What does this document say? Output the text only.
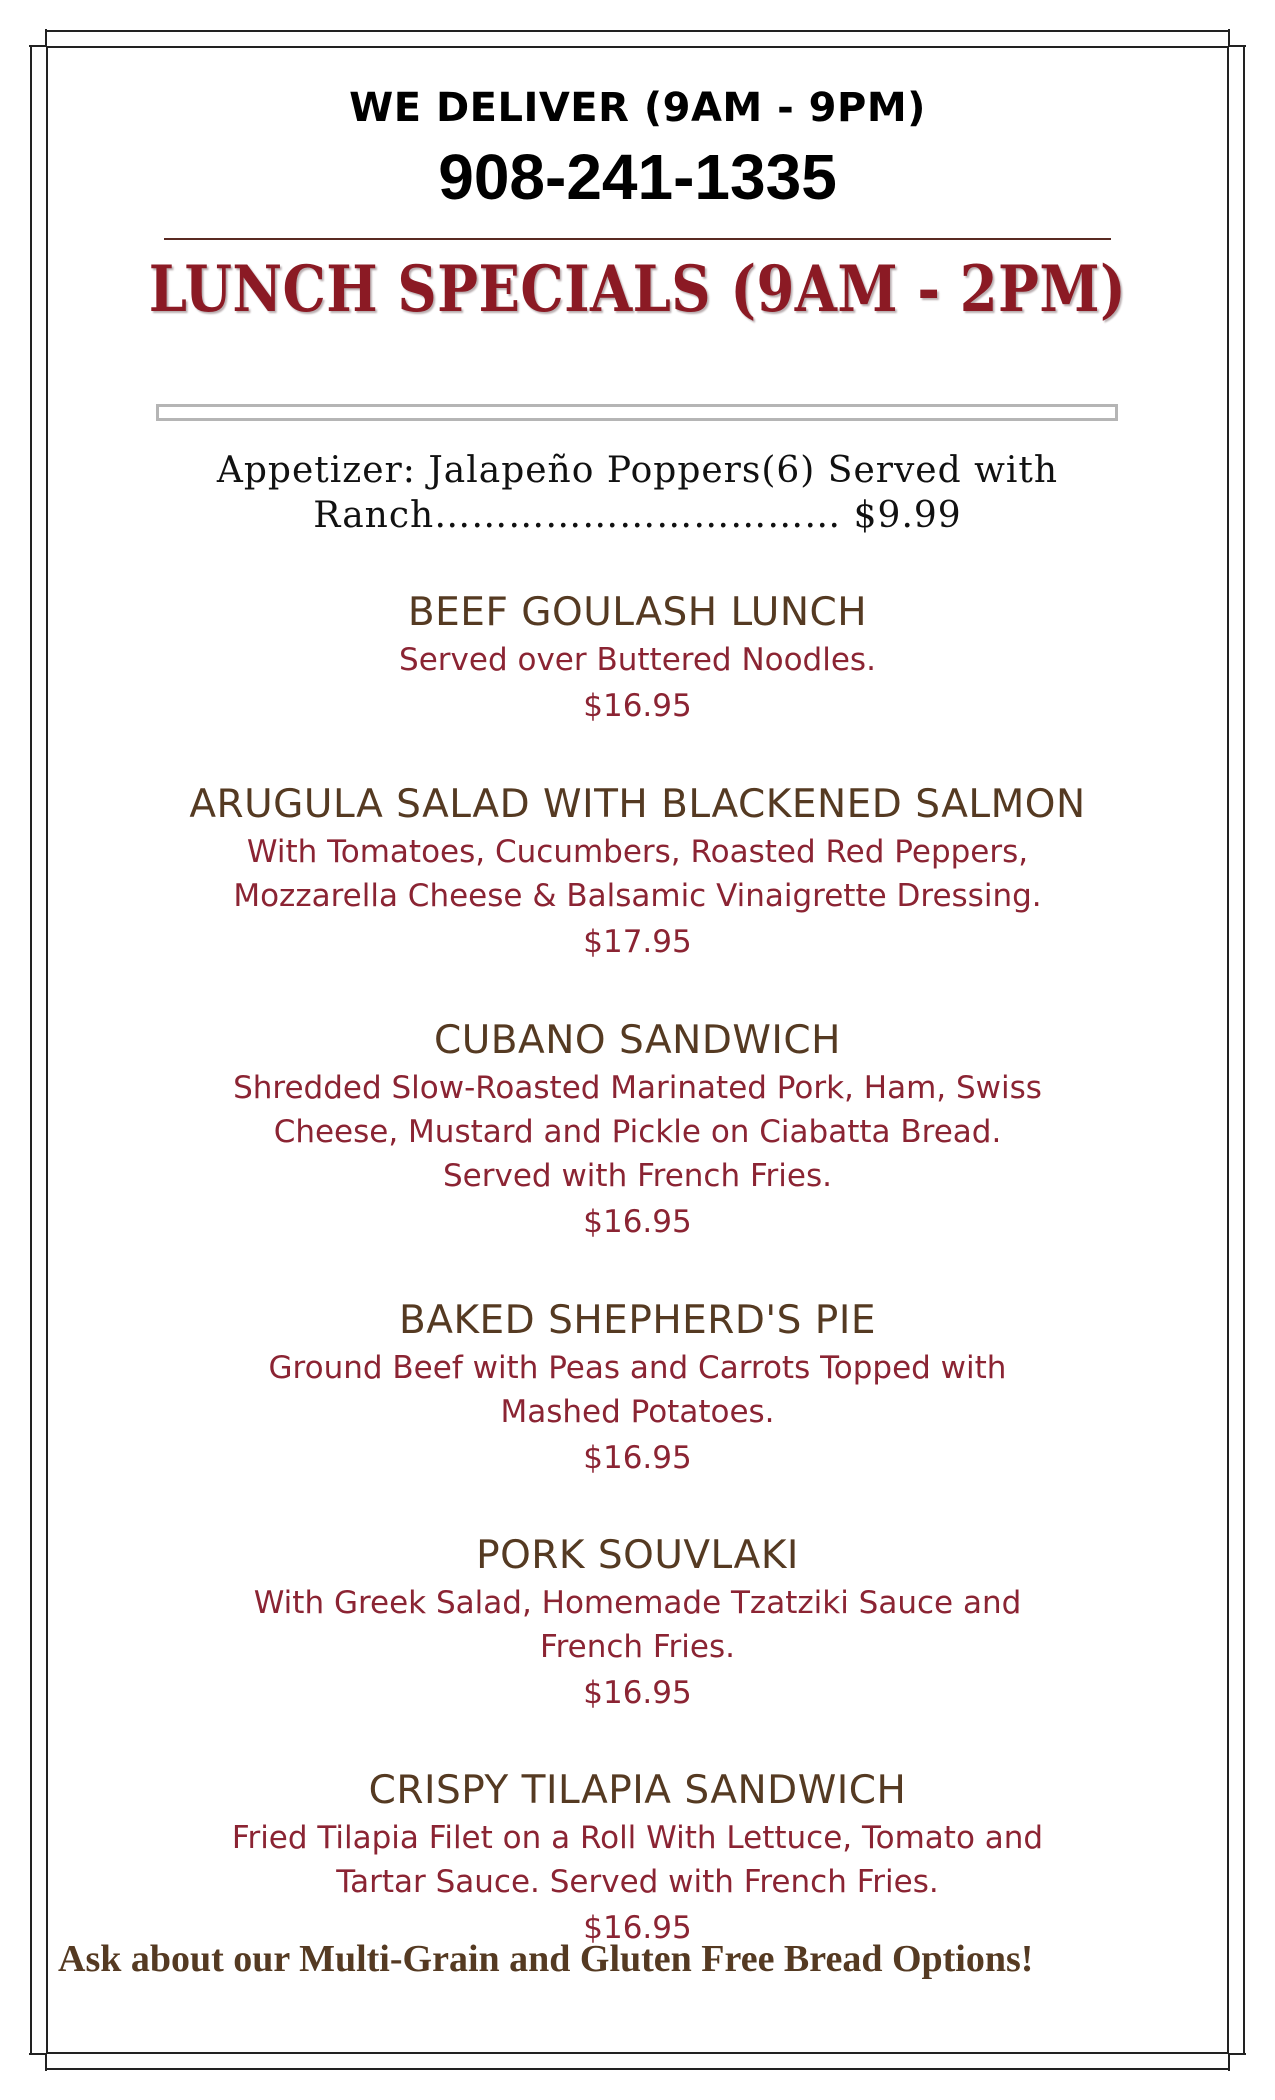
WE DELIVER (9AM - 9PM)
908-241-1335
LUNCH SPECIALS (9AM - 2PM)
Appetizer: Jalapeño Poppers(6) Served with
Ranch…………………………… $9.99
BEEF GOULASH LUNCH
Served over Buttered Noodles.
$16.95
ARUGULA SALAD WITH BLACKENED SALMON
With Tomatoes, Cucumbers, Roasted Red Peppers,
Mozzarella Cheese & Balsamic Vinaigrette Dressing.
$17.95
CUBANO SANDWICH
Shredded Slow-Roasted Marinated Pork, Ham, Swiss
Cheese, Mustard and Pickle on Ciabatta Bread.
Served with French Fries.
$16.95
BAKED SHEPHERD'S PIE
Ground Beef with Peas and Carrots Topped with
Mashed Potatoes.
$16.95
PORK SOUVLAKI
With Greek Salad, Homemade Tzatziki Sauce and
French Fries.
$16.95
CRISPY TILAPIA SANDWICH
Fried Tilapia Filet on a Roll With Lettuce, Tomato and
Tartar Sauce. Served with French Fries.
$16.95
Ask about our Multi-Grain and Gluten Free Bread Options!
